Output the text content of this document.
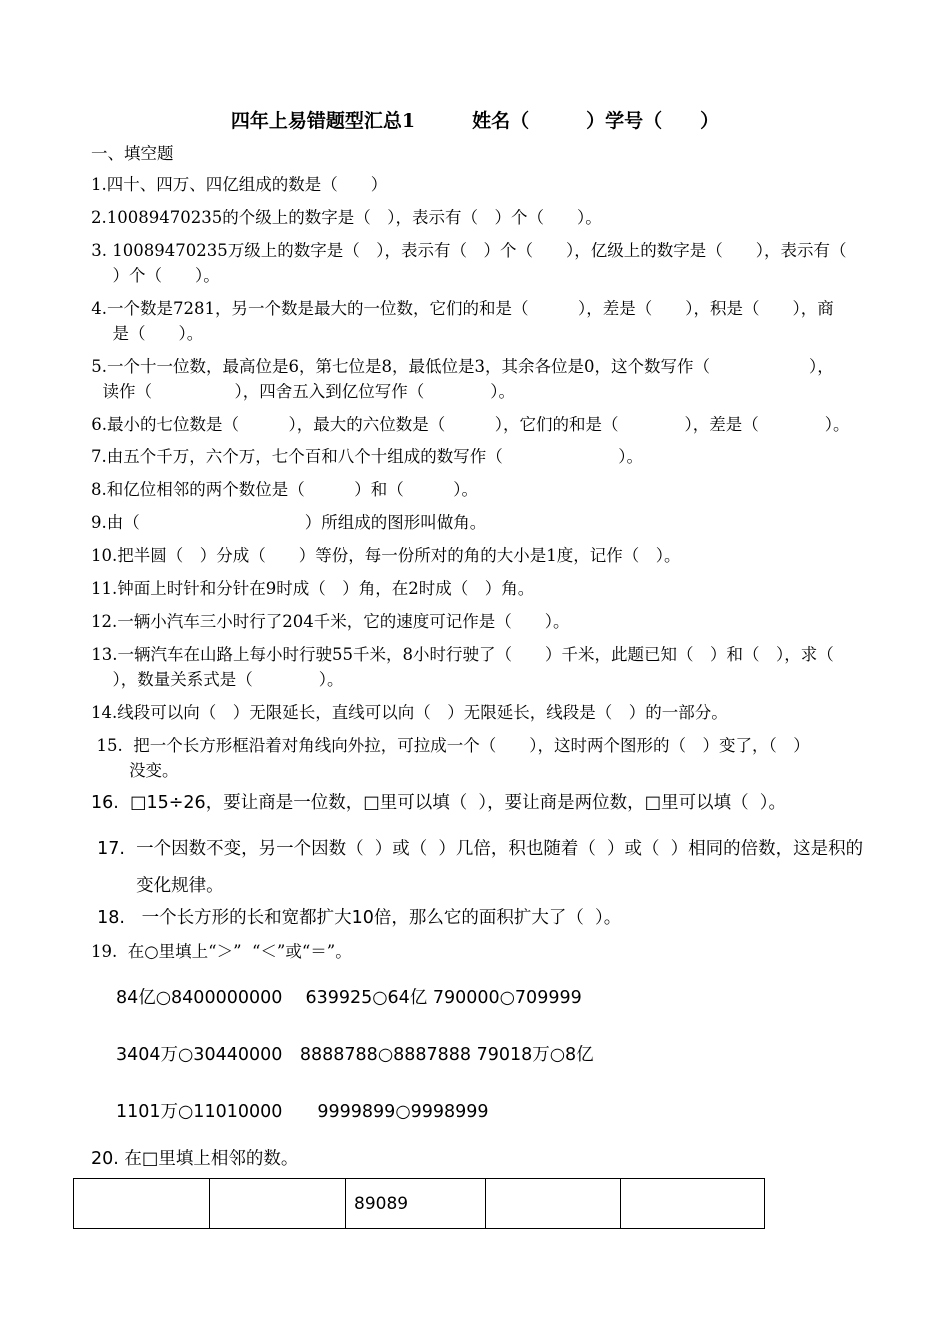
四年上易错题型汇总1　　　姓名（　　　）学号（　　）
一、填空题
1.四十、四万、四亿组成的数是（　　）
2.10089470235的个级上的数字是（　），表示有（　）个（　　）。
3. 10089470235万级上的数字是（　），表示有（　）个（　　），亿级上的数字是（　　），表示有（
　）个（　　）。
4.一个数是7281，另一个数是最大的一位数，它们的和是（　　　），差是（　　），积是（　　），商
　是（　　）。
5.一个十一位数，最高位是6，第七位是8，最低位是3，其余各位是0，这个数写作（　　　　　　），
　读作（　　　　　），四舍五入到亿位写作（　　　　）。
6.最小的七位数是（　　　），最大的六位数是（　　　），它们的和是（　　　　），差是（　　　　）。
7.由五个千万，六个万，七个百和八个十组成的数写作（　　　　　　　）。
8.和亿位相邻的两个数位是（　　　）和（　　　）。
9.由（　　　　　　　　　　）所组成的图形叫做角。
10.把半圆（　）分成（　　）等份，每一份所对的角的大小是1度，记作（　）。
11.钟面上时针和分针在9时成（　）角，在2时成（　）角。
12.一辆小汽车三小时行了204千米，它的速度可记作是（　　）。
13.一辆汽车在山路上每小时行驶55千米，8小时行驶了（　　）千米，此题已知（　）和（　），求（
　），数量关系式是（　　　　）。
14.线段可以向（　）无限延长，直线可以向（　）无限延长，线段是（　）的一部分。
15.  把一个长方形框沿着对角线向外拉，可拉成一个（　　），这时两个图形的（　）变了，（　）
　　没变。
16.  □15÷26，要让商是一位数，□里可以填（  ），要让商是两位数，□里可以填（  ）。
17.  一个因数不变，另一个因数（  ）或（  ）几倍，积也随着（  ）或（  ）相同的倍数，这是积的
变化规律。
18.   一个长方形的长和宽都扩大10倍，那么它的面积扩大了（  ）。
19.  在○里填上“＞”  “＜”或“＝”。
84亿○8400000000　 639925○64亿 790000○709999
3404万○30440000　8888788○8887888 79018万○8亿
1101万○11010000　　9999899○9998999
20. 在□里填上相邻的数。
		89089		
